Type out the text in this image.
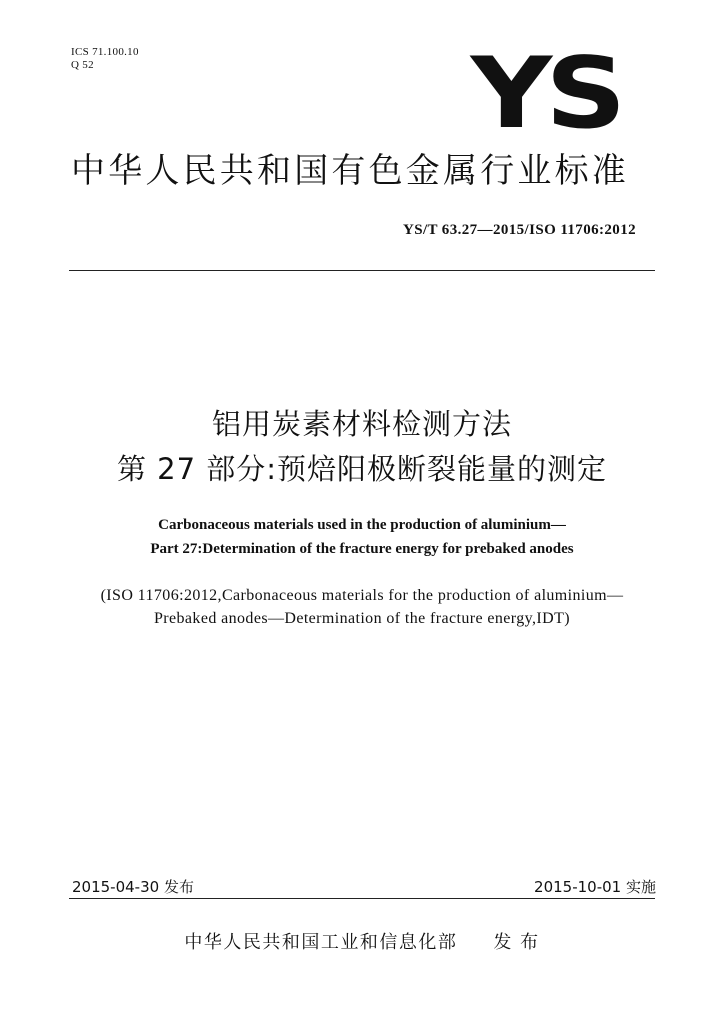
ICS 71.100.10
Q 52	YS
中华人民共和国有色金属行业标准
YS/T 63.27—2015/ISO 11706:2012
铝用炭素材料检测方法
第 27 部分:预焙阳极断裂能量的测定
Carbonaceous materials used in the production of aluminium—
Part 27:Determination of the fracture energy for prebaked anodes
(ISO 11706:2012,Carbonaceous materials for the production of aluminium—
Prebaked anodes—Determination of the fracture energy,IDT)
2015-04-30 发布	2015-10-01 实施
中华人民共和国工业和信息化部 发 布
